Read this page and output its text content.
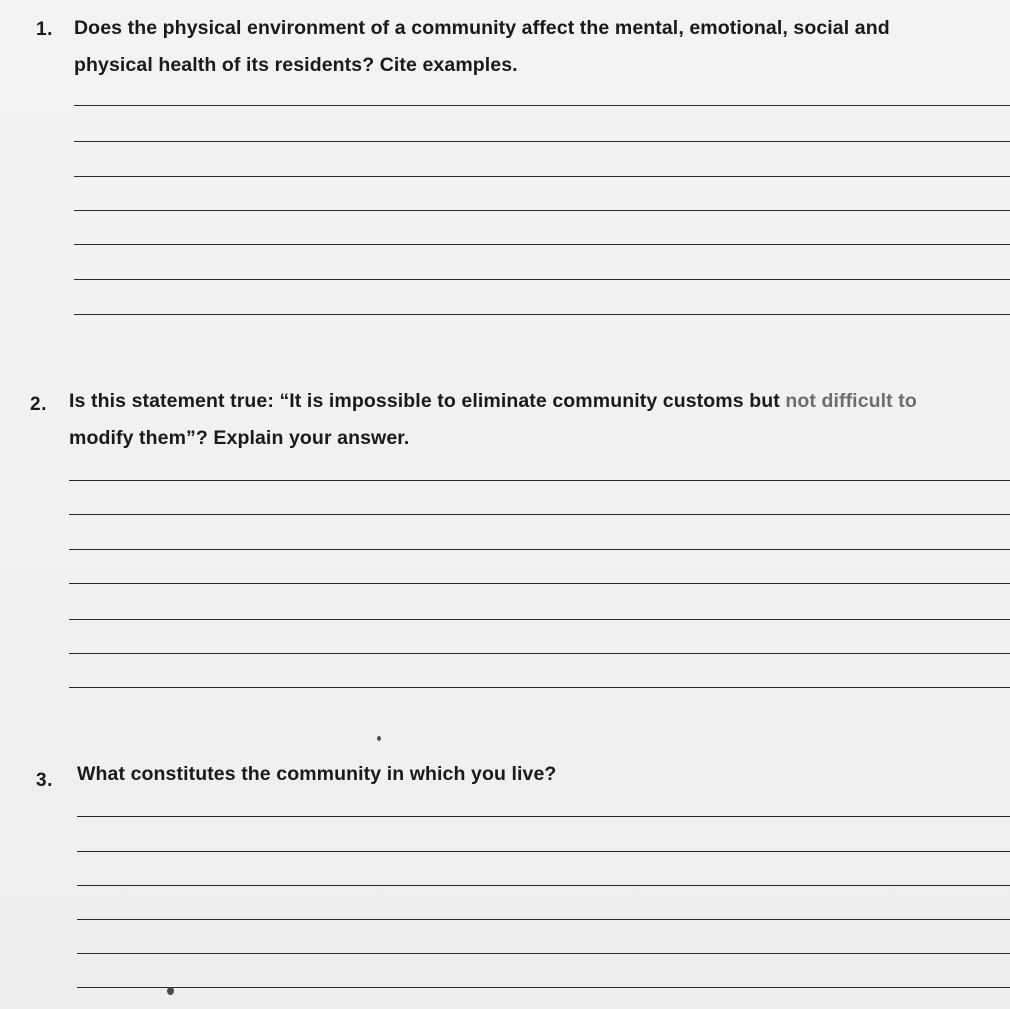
1. Does the physical environment of a community affect the mental, emotional, social and
physical health of its residents? Cite examples.
2. Is this statement true: “It is impossible to eliminate community customs but not difficult to
modify them”? Explain your answer.
3. What constitutes the community in which you live?
